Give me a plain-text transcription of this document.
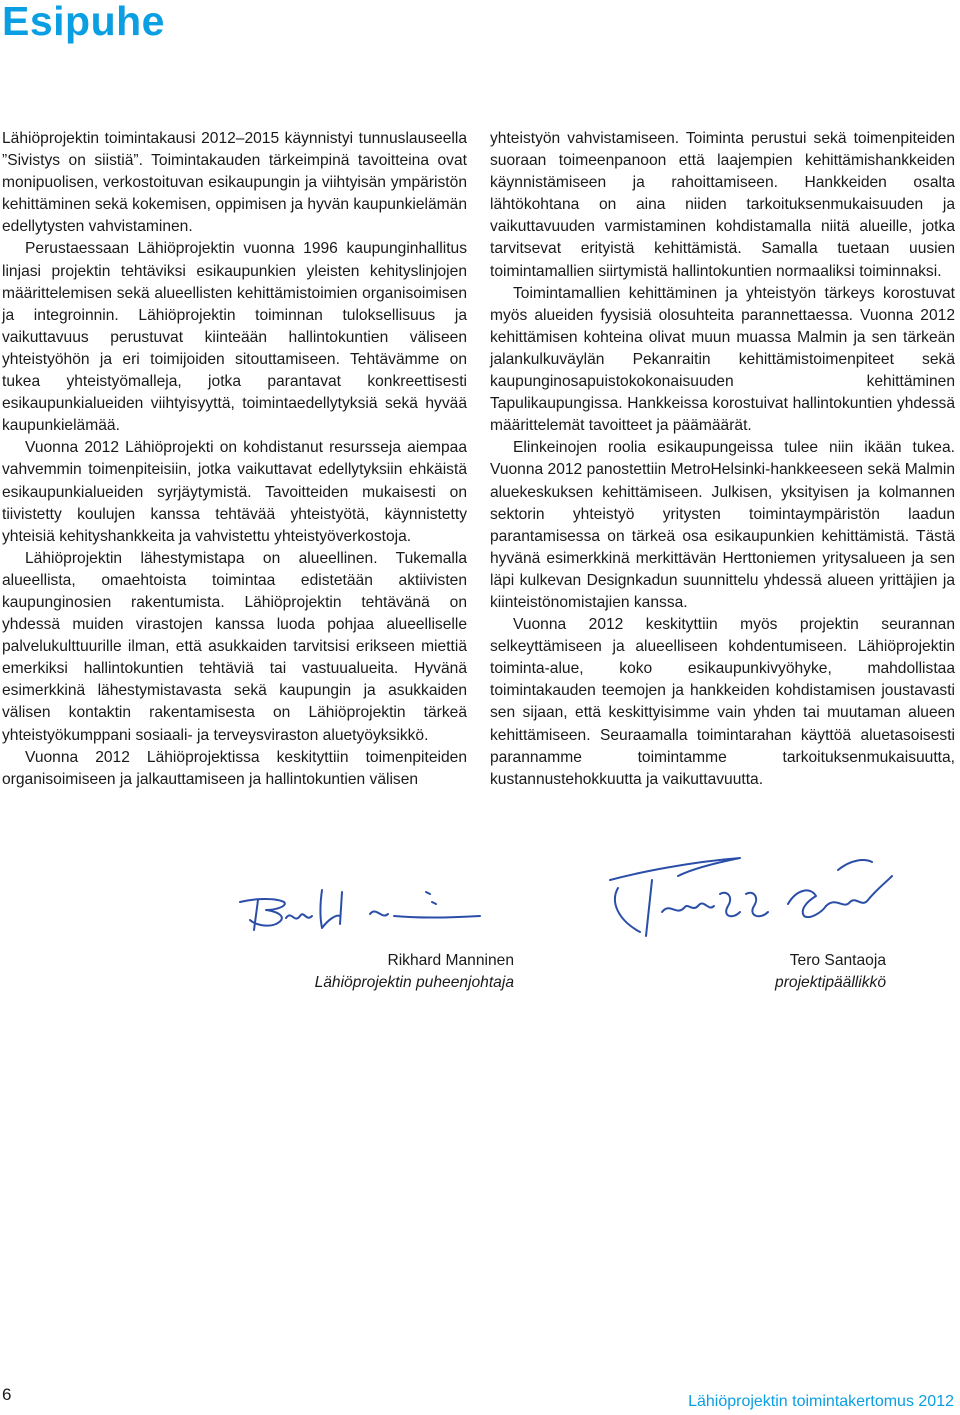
Esipuhe

Lähiöprojektin toimintakausi 2012–2015 käynnistyi tunnuslauseella ”Sivistys on siistiä”. Toimintakauden tärkeimpinä tavoitteina ovat monipuolisen, verkostoituvan esikaupungin ja viihtyisän ympäristön kehittäminen sekä kokemisen, oppimisen ja hyvän kaupunkielämän edellytysten vahvistaminen.

Perustaessaan Lähiöprojektin vuonna 1996 kaupunginhallitus linjasi projektin tehtäviksi esikaupunkien yleisten kehityslinjojen määrittelemisen sekä alueellisten kehittämistoimien organisoimisen ja integroinnin. Lähiöprojektin toiminnan tuloksellisuus ja vaikuttavuus perustuvat kiinteään hallintokuntien väliseen yhteistyöhön ja eri toimijoiden sitouttamiseen. Tehtävämme on tukea yhteistyömalleja, jotka parantavat konkreettisesti esikaupunkialueiden viihtyisyyttä, toimintaedellytyksiä sekä hyvää kaupunkielämää.

Vuonna 2012 Lähiöprojekti on kohdistanut resursseja aiempaa vahvemmin toimenpiteisiin, jotka vaikuttavat edellytyksiin ehkäistä esikaupunkialueiden syrjäytymistä. Tavoitteiden mukaisesti on tiivistetty koulujen kanssa tehtävää yhteistyötä, käynnistetty yhteisiä kehityshankkeita ja vahvistettu yhteistyöverkostoja.

Lähiöprojektin lähestymistapa on alueellinen. Tukemalla alueellista, omaehtoista toimintaa edistetään aktiivisten kaupunginosien rakentumista. Lähiöprojektin tehtävänä on yhdessä muiden virastojen kanssa luoda pohjaa alueelliselle palvelukulttuurille ilman, että asukkaiden tarvitsisi erikseen miettiä emerkiksi hallintokuntien tehtäviä tai vastuualueita. Hyvänä esimerkkinä lähestymistavasta sekä kaupungin ja asukkaiden välisen kontaktin rakentamisesta on Lähiöprojektin tärkeä yhteistyökumppani sosiaali- ja terveysviraston aluetyöyksikkö.

Vuonna 2012 Lähiöprojektissa keskityttiin toimenpiteiden organisoimiseen ja jalkauttamiseen ja hallintokuntien välisen

yhteistyön vahvistamiseen. Toiminta perustui sekä toimenpiteiden suoraan toimeenpanoon että laajempien kehittämishankkeiden käynnistämiseen ja rahoittamiseen. Hankkeiden osalta lähtökohtana on aina niiden tarkoituksenmukaisuuden ja vaikuttavuuden varmistaminen kohdistamalla niitä alueille, jotka tarvitsevat erityistä kehittämistä. Samalla tuetaan uusien toimintamallien siirtymistä hallintokuntien normaaliksi toiminnaksi.

Toimintamallien kehittäminen ja yhteistyön tärkeys korostuvat myös alueiden fyysisiä olosuhteita parannettaessa. Vuonna 2012 kehittämisen kohteina olivat muun muassa Malmin ja sen tärkeän jalankulkuväylän Pekanraitin kehittämistoimenpiteet sekä kaupunginosapuistokokonaisuuden kehittäminen Tapulikaupungissa. Hankkeissa korostuivat hallintokuntien yhdessä määrittelemät tavoitteet ja päämäärät.

Elinkeinojen roolia esikaupungeissa tulee niin ikään tukea. Vuonna 2012 panostettiin MetroHelsinki-hankkeeseen sekä Malmin aluekeskuksen kehittämiseen. Julkisen, yksityisen ja kolmannen sektorin yhteistyö yritysten toimintaympäristön laadun parantamisessa on tärkeä osa esikaupunkien kehittämistä. Tästä hyvänä esimerkkinä merkittävän Herttoniemen yritysalueen ja sen läpi kulkevan Designkadun suunnittelu yhdessä alueen yrittäjien ja kiinteistönomistajien kanssa.

Vuonna 2012 keskityttiin myös projektin seurannan selkeyttämiseen ja alueelliseen kohdentumiseen. Lähiöprojektin toiminta-alue, koko esikaupunkivyöhyke, mahdollistaa toimintakauden teemojen ja hankkeiden kohdistamisen joustavasti sen sijaan, että keskittyisimme vain yhden tai muutaman alueen kehittämiseen. Seuraamalla toimintarahan käyttöä aluetasoisesti parannamme toimintamme tarkoituksenmukaisuutta, kustannustehokkuutta ja vaikuttavuutta.

Rikhard Manninen
Lähiöprojektin puheenjohtaja
Tero Santaoja
projektipäällikkö
6	Lähiöprojektin toimintakertomus 2012
